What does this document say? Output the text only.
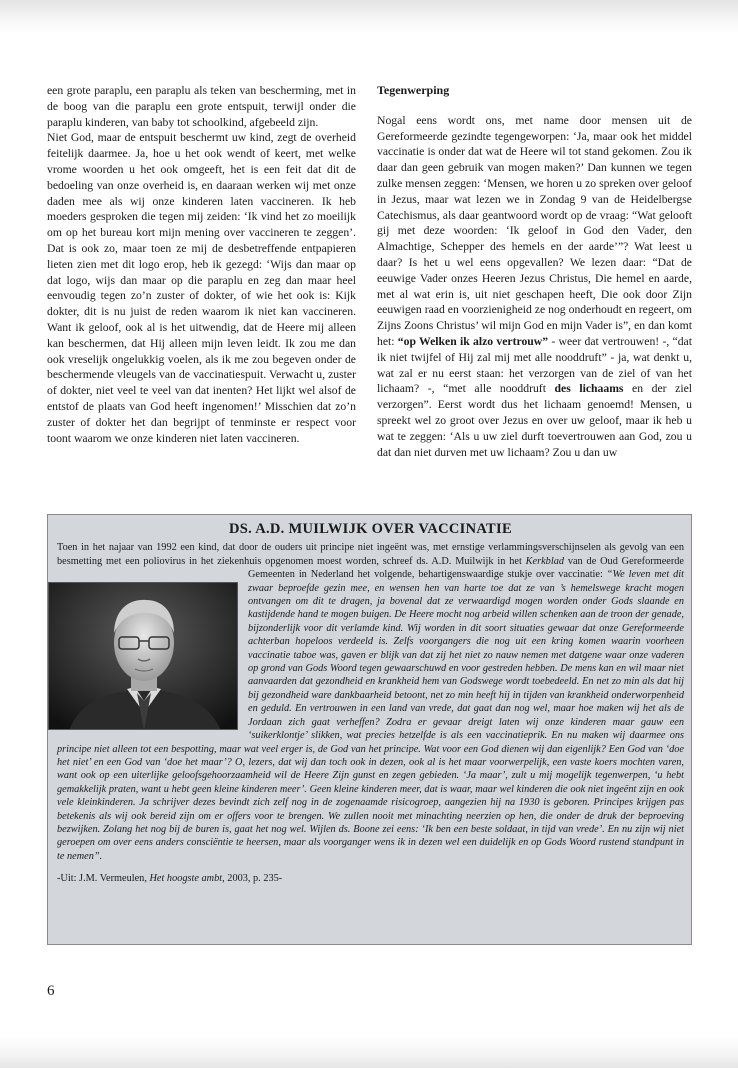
een grote paraplu, een paraplu als teken van bescherming, met in de boog van die paraplu een grote entspuit, terwijl onder die paraplu kinderen, van baby tot schoolkind, afgebeeld zijn.

Niet God, maar de entspuit beschermt uw kind, zegt de overheid feitelijk daarmee. Ja, hoe u het ook wendt of keert, met welke vrome woorden u het ook omgeeft, het is een feit dat dit de bedoeling van onze overheid is, en daaraan werken wij met onze daden mee als wij onze kinderen laten vaccineren. Ik heb moeders gesproken die tegen mij zeiden: ‘Ik vind het zo moeilijk om op het bureau kort mijn mening over vaccineren te zeggen’. Dat is ook zo, maar toen ze mij de desbetreffende entpapieren lieten zien met dit logo erop, heb ik gezegd: ‘Wijs dan maar op dat logo, wijs dan maar op die paraplu en zeg dan maar heel eenvoudig tegen zo’n zuster of dokter, of wie het ook is: Kijk dokter, dit is nu juist de reden waarom ik niet kan vaccineren. Want ik geloof, ook al is het uitwendig, dat de Heere mij alleen kan beschermen, dat Hij alleen mijn leven leidt. Ik zou me dan ook vreselijk ongelukkig voelen, als ik me zou begeven onder de beschermende vleugels van de vaccinatiespuit. Verwacht u, zuster of dokter, niet veel te veel van dat inenten? Het lijkt wel alsof de entstof de plaats van God heeft ingenomen!’ Misschien dat zo’n zuster of dokter het dan begrijpt of tenminste er respect voor toont waarom we onze kinderen niet laten vaccineren.

Tegenwerping

Nogal eens wordt ons, met name door mensen uit de Gereformeerde gezindte tegengeworpen: ‘Ja, maar ook het middel vaccinatie is onder dat wat de Heere wil tot stand gekomen. Zou ik daar dan geen gebruik van mogen maken?’ Dan kunnen we tegen zulke mensen zeggen: ‘Mensen, we horen u zo spreken over geloof in Jezus, maar wat lezen we in Zondag 9 van de Heidelbergse Catechismus, als daar geantwoord wordt op de vraag: “Wat gelooft gij met deze woorden: ‘Ik geloof in God den Vader, den Almachtige, Schepper des hemels en der aarde’”? Wat leest u daar? Is het u wel eens opgevallen? We lezen daar: “Dat de eeuwige Vader onzes Heeren Jezus Christus, Die hemel en aarde, met al wat erin is, uit niet geschapen heeft, Die ook door Zijn eeuwigen raad en voorzienigheid ze nog onderhoudt en regeert, om Zijns Zoons Christus’ wil mijn God en mijn Vader is”, en dan komt het: “op Welken ik alzo vertrouw” - weer dat vertrouwen! -, “dat ik niet twijfel of Hij zal mij met alle nooddruft” - ja, wat denkt u, wat zal er nu eerst staan: het verzorgen van de ziel of van het lichaam? -, “met alle nooddruft des lichaams en der ziel verzorgen”. Eerst wordt dus het lichaam genoemd! Mensen, u spreekt wel zo groot over Jezus en over uw geloof, maar ik heb u wat te zeggen: ‘Als u uw ziel durft toevertrouwen aan God, zou u dat dan niet durven met uw lichaam? Zou u dan uw

DS. A.D. MUILWIJK OVER VACCINATIE

Toen in het najaar van 1992 een kind, dat door de ouders uit principe niet ingeënt was, met ernstige verlammingsverschijnselen als gevolg van een besmetting met een poliovirus in het ziekenhuis opgenomen moest worden, schreef ds. A.D. Muilwijk in het Kerkblad van de Oud Gereformeerde Gemeenten in Nederland het volgende, behartigenswaardige stukje over vaccinatie:
“We leven met dit zwaar beproefde gezin mee, en wensen hen van harte toe dat ze van ’s hemelswege kracht mogen ontvangen om dit te dragen, ja bovenal dat ze verwaardigd mogen worden onder Gods slaande en kastijdende hand te mogen buigen. De Heere mocht nog arbeid willen schenken aan de troon der genade, bijzonderlijk voor dit verlamde kind. Wij worden in dit soort situaties gewaar dat onze Gereformeerde achterban hopeloos verdeeld is. Zelfs voorgangers die nog uit een kring komen waarin voorheen vaccinatie taboe was, gaven er blijk van dat zij het niet zo nauw nemen met datgene waar onze vaderen op grond van Gods Woord tegen gewaarschuwd en voor gestreden hebben. De mens kan en wil maar niet aanvaarden dat gezondheid en krankheid hem van Godswege wordt toebedeeld. En net zo min als dat hij bij gezondheid ware dankbaarheid betoont, net zo min heeft hij in tijden van krankheid onderworpenheid en geduld. En vertrouwen in een land van vrede, dat gaat dan nog wel, maar hoe maken wij het als de Jordaan zich gaat verheffen? Zodra er gevaar dreigt laten wij onze kinderen maar gauw een ‘suikerklontje’ slikken, wat precies hetzelfde is als een vaccinatieprik. En nu maken wij daarmee ons principe niet alleen tot een bespotting, maar wat veel erger is, de God van het principe. Wat voor een God dienen wij dan eigenlijk? Een God van ‘doe het niet’ en een God van ‘doe het maar’? O, lezers, dat wij dan toch ook in dezen, ook al is het maar voorwerpelijk, een vaste koers mochten varen, want ook op een uiterlijke geloofsgehoorzaamheid wil de Heere Zijn gunst en zegen gebieden. ‘Ja maar’, zult u mij mogelijk tegenwerpen, ‘u hebt gemakkelijk praten, want u hebt geen kleine kinderen meer’. Geen kleine kinderen meer, dat is waar, maar wel kinderen die ook niet ingeënt zijn en ook vele kleinkinderen. Ja schrijver dezes bevindt zich zelf nog in de zogenaamde risicogroep, aangezien hij na 1930 is geboren. Principes krijgen pas betekenis als wij ook bereid zijn om er offers voor te brengen. We zullen nooit met minachting neerzien op hen, die onder de druk der beproeving bezwijken. Zolang het nog bij de buren is, gaat het nog wel. Wijlen ds. Boone zei eens: ‘Ik ben een beste soldaat, in tijd van vrede’. En nu zijn wij niet geroepen om over eens anders consciëntie te heersen, maar als voorganger wens ik in dezen wel een duidelijk en op Gods Woord rustend standpunt in te nemen”.

-Uit: J.M. Vermeulen, Het hoogste ambt, 2003, p. 235-

6
